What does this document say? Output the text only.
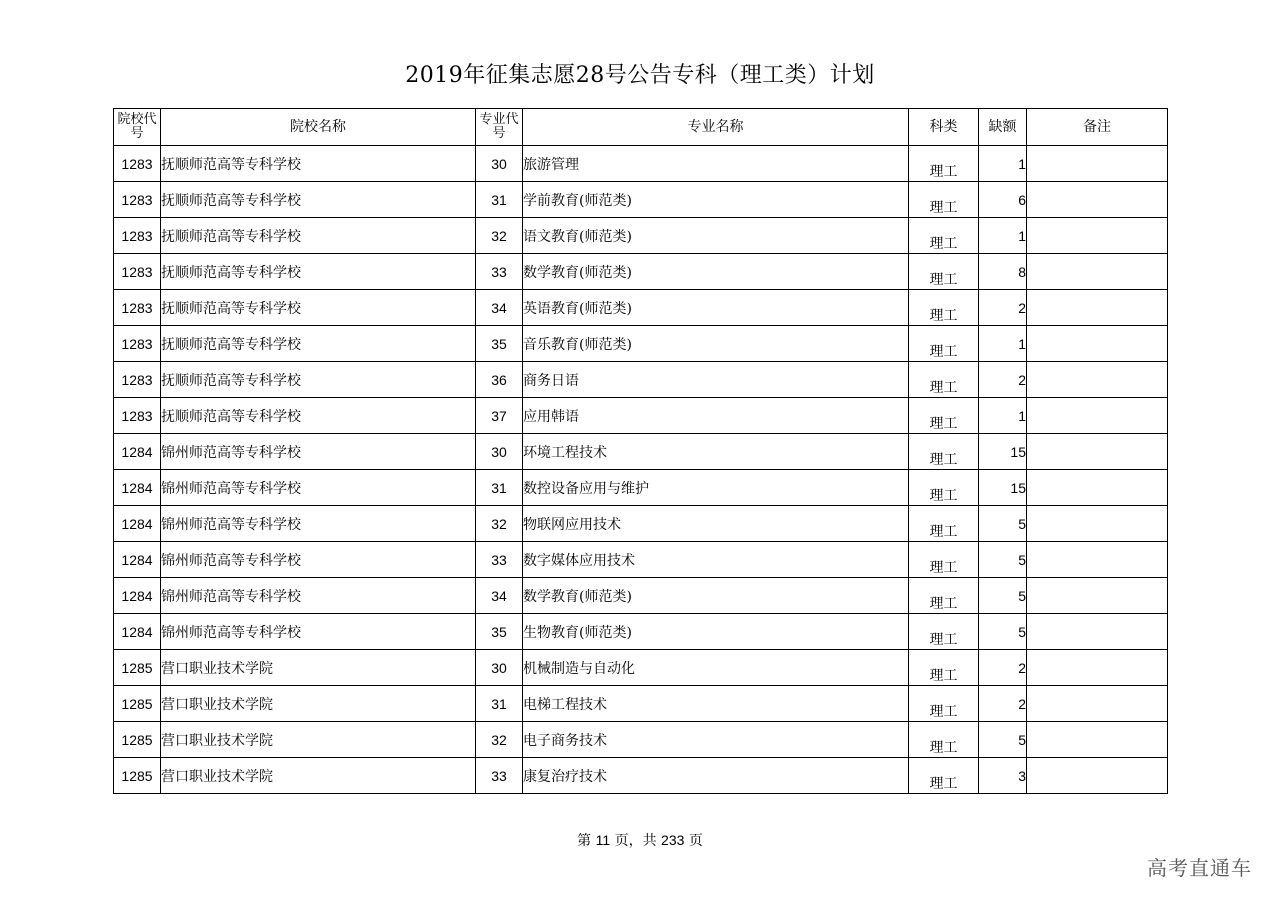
2019年征集志愿28号公告专科（理工类）计划
院校代号	院校名称	专业代号	专业名称	科类	缺额	备注
1283	抚顺师范高等专科学校	30	旅游管理	理工	1	
1283	抚顺师范高等专科学校	31	学前教育(师范类)	理工	6	
1283	抚顺师范高等专科学校	32	语文教育(师范类)	理工	1	
1283	抚顺师范高等专科学校	33	数学教育(师范类)	理工	8	
1283	抚顺师范高等专科学校	34	英语教育(师范类)	理工	2	
1283	抚顺师范高等专科学校	35	音乐教育(师范类)	理工	1	
1283	抚顺师范高等专科学校	36	商务日语	理工	2	
1283	抚顺师范高等专科学校	37	应用韩语	理工	1	
1284	锦州师范高等专科学校	30	环境工程技术	理工	15	
1284	锦州师范高等专科学校	31	数控设备应用与维护	理工	15	
1284	锦州师范高等专科学校	32	物联网应用技术	理工	5	
1284	锦州师范高等专科学校	33	数字媒体应用技术	理工	5	
1284	锦州师范高等专科学校	34	数学教育(师范类)	理工	5	
1284	锦州师范高等专科学校	35	生物教育(师范类)	理工	5	
1285	营口职业技术学院	30	机械制造与自动化	理工	2	
1285	营口职业技术学院	31	电梯工程技术	理工	2	
1285	营口职业技术学院	32	电子商务技术	理工	5	
1285	营口职业技术学院	33	康复治疗技术	理工	3	
第 11 页，共 233 页
高考直通车
